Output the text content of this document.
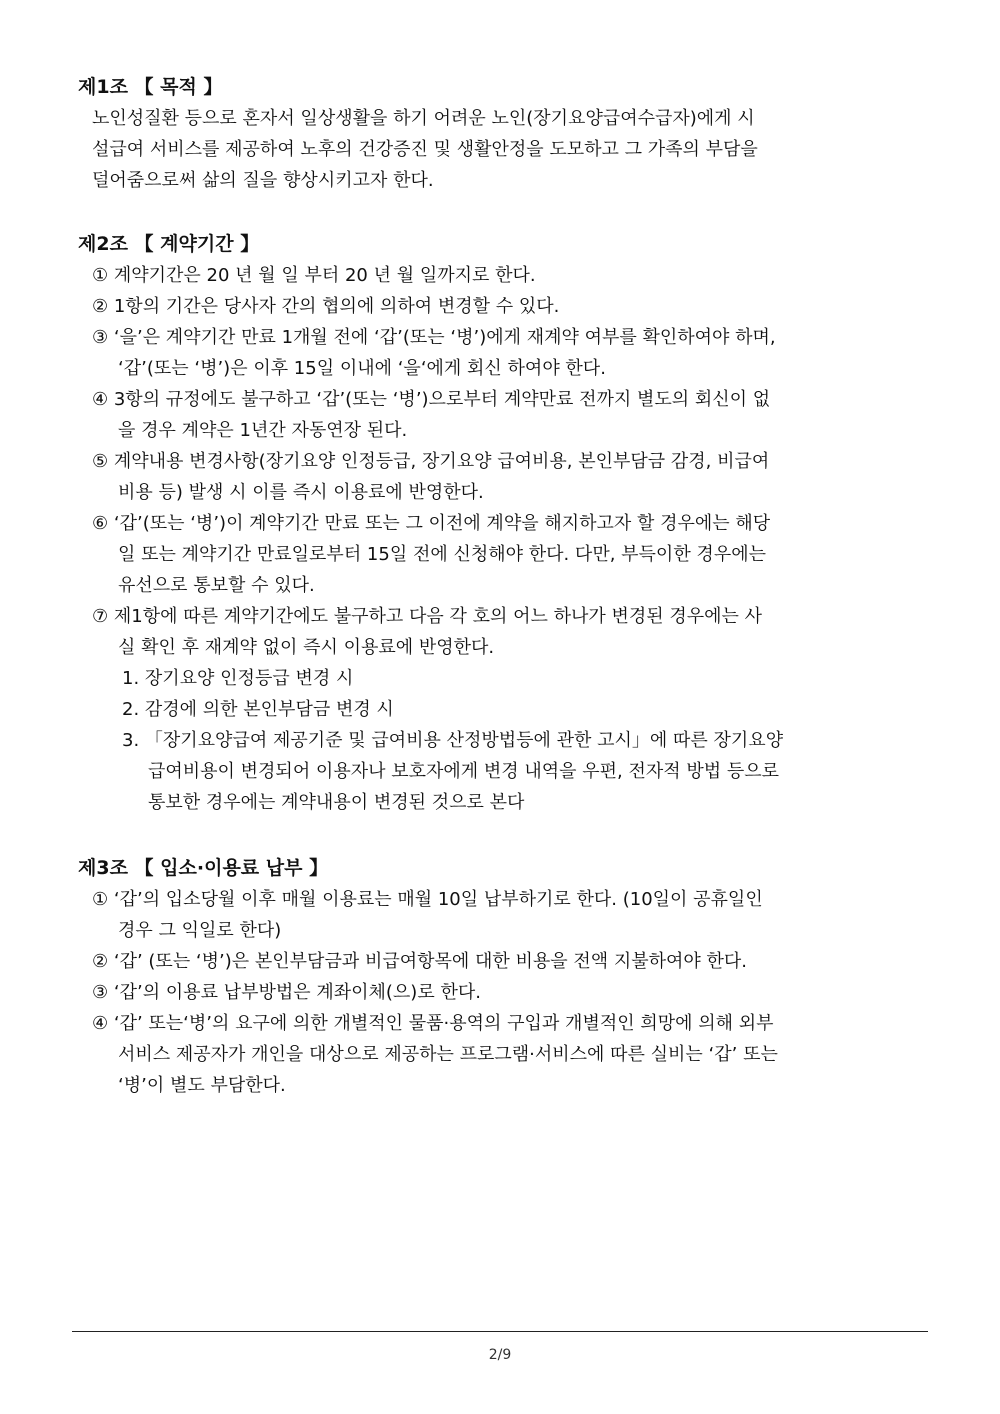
제1조 【 목적 】
노인성질환 등으로 혼자서 일상생활을 하기 어려운 노인(장기요양급여수급자)에게 시
설급여 서비스를 제공하여 노후의 건강증진 및 생활안정을 도모하고 그 가족의 부담을
덜어줌으로써 삶의 질을 향상시키고자 한다.
제2조 【 계약기간 】
① 계약기간은 20 년 월 일 부터 20 년 월 일까지로 한다.
② 1항의 기간은 당사자 간의 협의에 의하여 변경할 수 있다.
③ ‘을’은 계약기간 만료 1개월 전에 ‘갑’(또는 ‘병’)에게 재계약 여부를 확인하여야 하며,
‘갑’(또는 ‘병’)은 이후 15일 이내에 ‘을‘에게 회신 하여야 한다.
④ 3항의 규정에도 불구하고 ‘갑’(또는 ‘병’)으로부터 계약만료 전까지 별도의 회신이 없
을 경우 계약은 1년간 자동연장 된다.
⑤ 계약내용 변경사항(장기요양 인정등급, 장기요양 급여비용, 본인부담금 감경, 비급여
비용 등) 발생 시 이를 즉시 이용료에 반영한다.
⑥ ‘갑’(또는 ‘병’)이 계약기간 만료 또는 그 이전에 계약을 해지하고자 할 경우에는 해당
일 또는 계약기간 만료일로부터 15일 전에 신청해야 한다. 다만, 부득이한 경우에는
유선으로 통보할 수 있다.
⑦ 제1항에 따른 계약기간에도 불구하고 다음 각 호의 어느 하나가 변경된 경우에는 사
실 확인 후 재계약 없이 즉시 이용료에 반영한다.
1. 장기요양 인정등급 변경 시
2. 감경에 의한 본인부담금 변경 시
3. 「장기요양급여 제공기준 및 급여비용 산정방법등에 관한 고시」에 따른 장기요양
급여비용이 변경되어 이용자나 보호자에게 변경 내역을 우편, 전자적 방법 등으로
통보한 경우에는 계약내용이 변경된 것으로 본다
제3조 【 입소·이용료 납부 】
① ‘갑’의 입소당월 이후 매월 이용료는 매월 10일 납부하기로 한다. (10일이 공휴일인
경우 그 익일로 한다)
② ‘갑’ (또는 ‘병’)은 본인부담금과 비급여항목에 대한 비용을 전액 지불하여야 한다.
③ ‘갑’의 이용료 납부방법은 계좌이체(으)로 한다.
④ ‘갑’ 또는‘병’의 요구에 의한 개별적인 물품·용역의 구입과 개별적인 희망에 의해 외부
서비스 제공자가 개인을 대상으로 제공하는 프로그램·서비스에 따른 실비는 ‘갑’ 또는
‘병’이 별도 부담한다.
2/9
